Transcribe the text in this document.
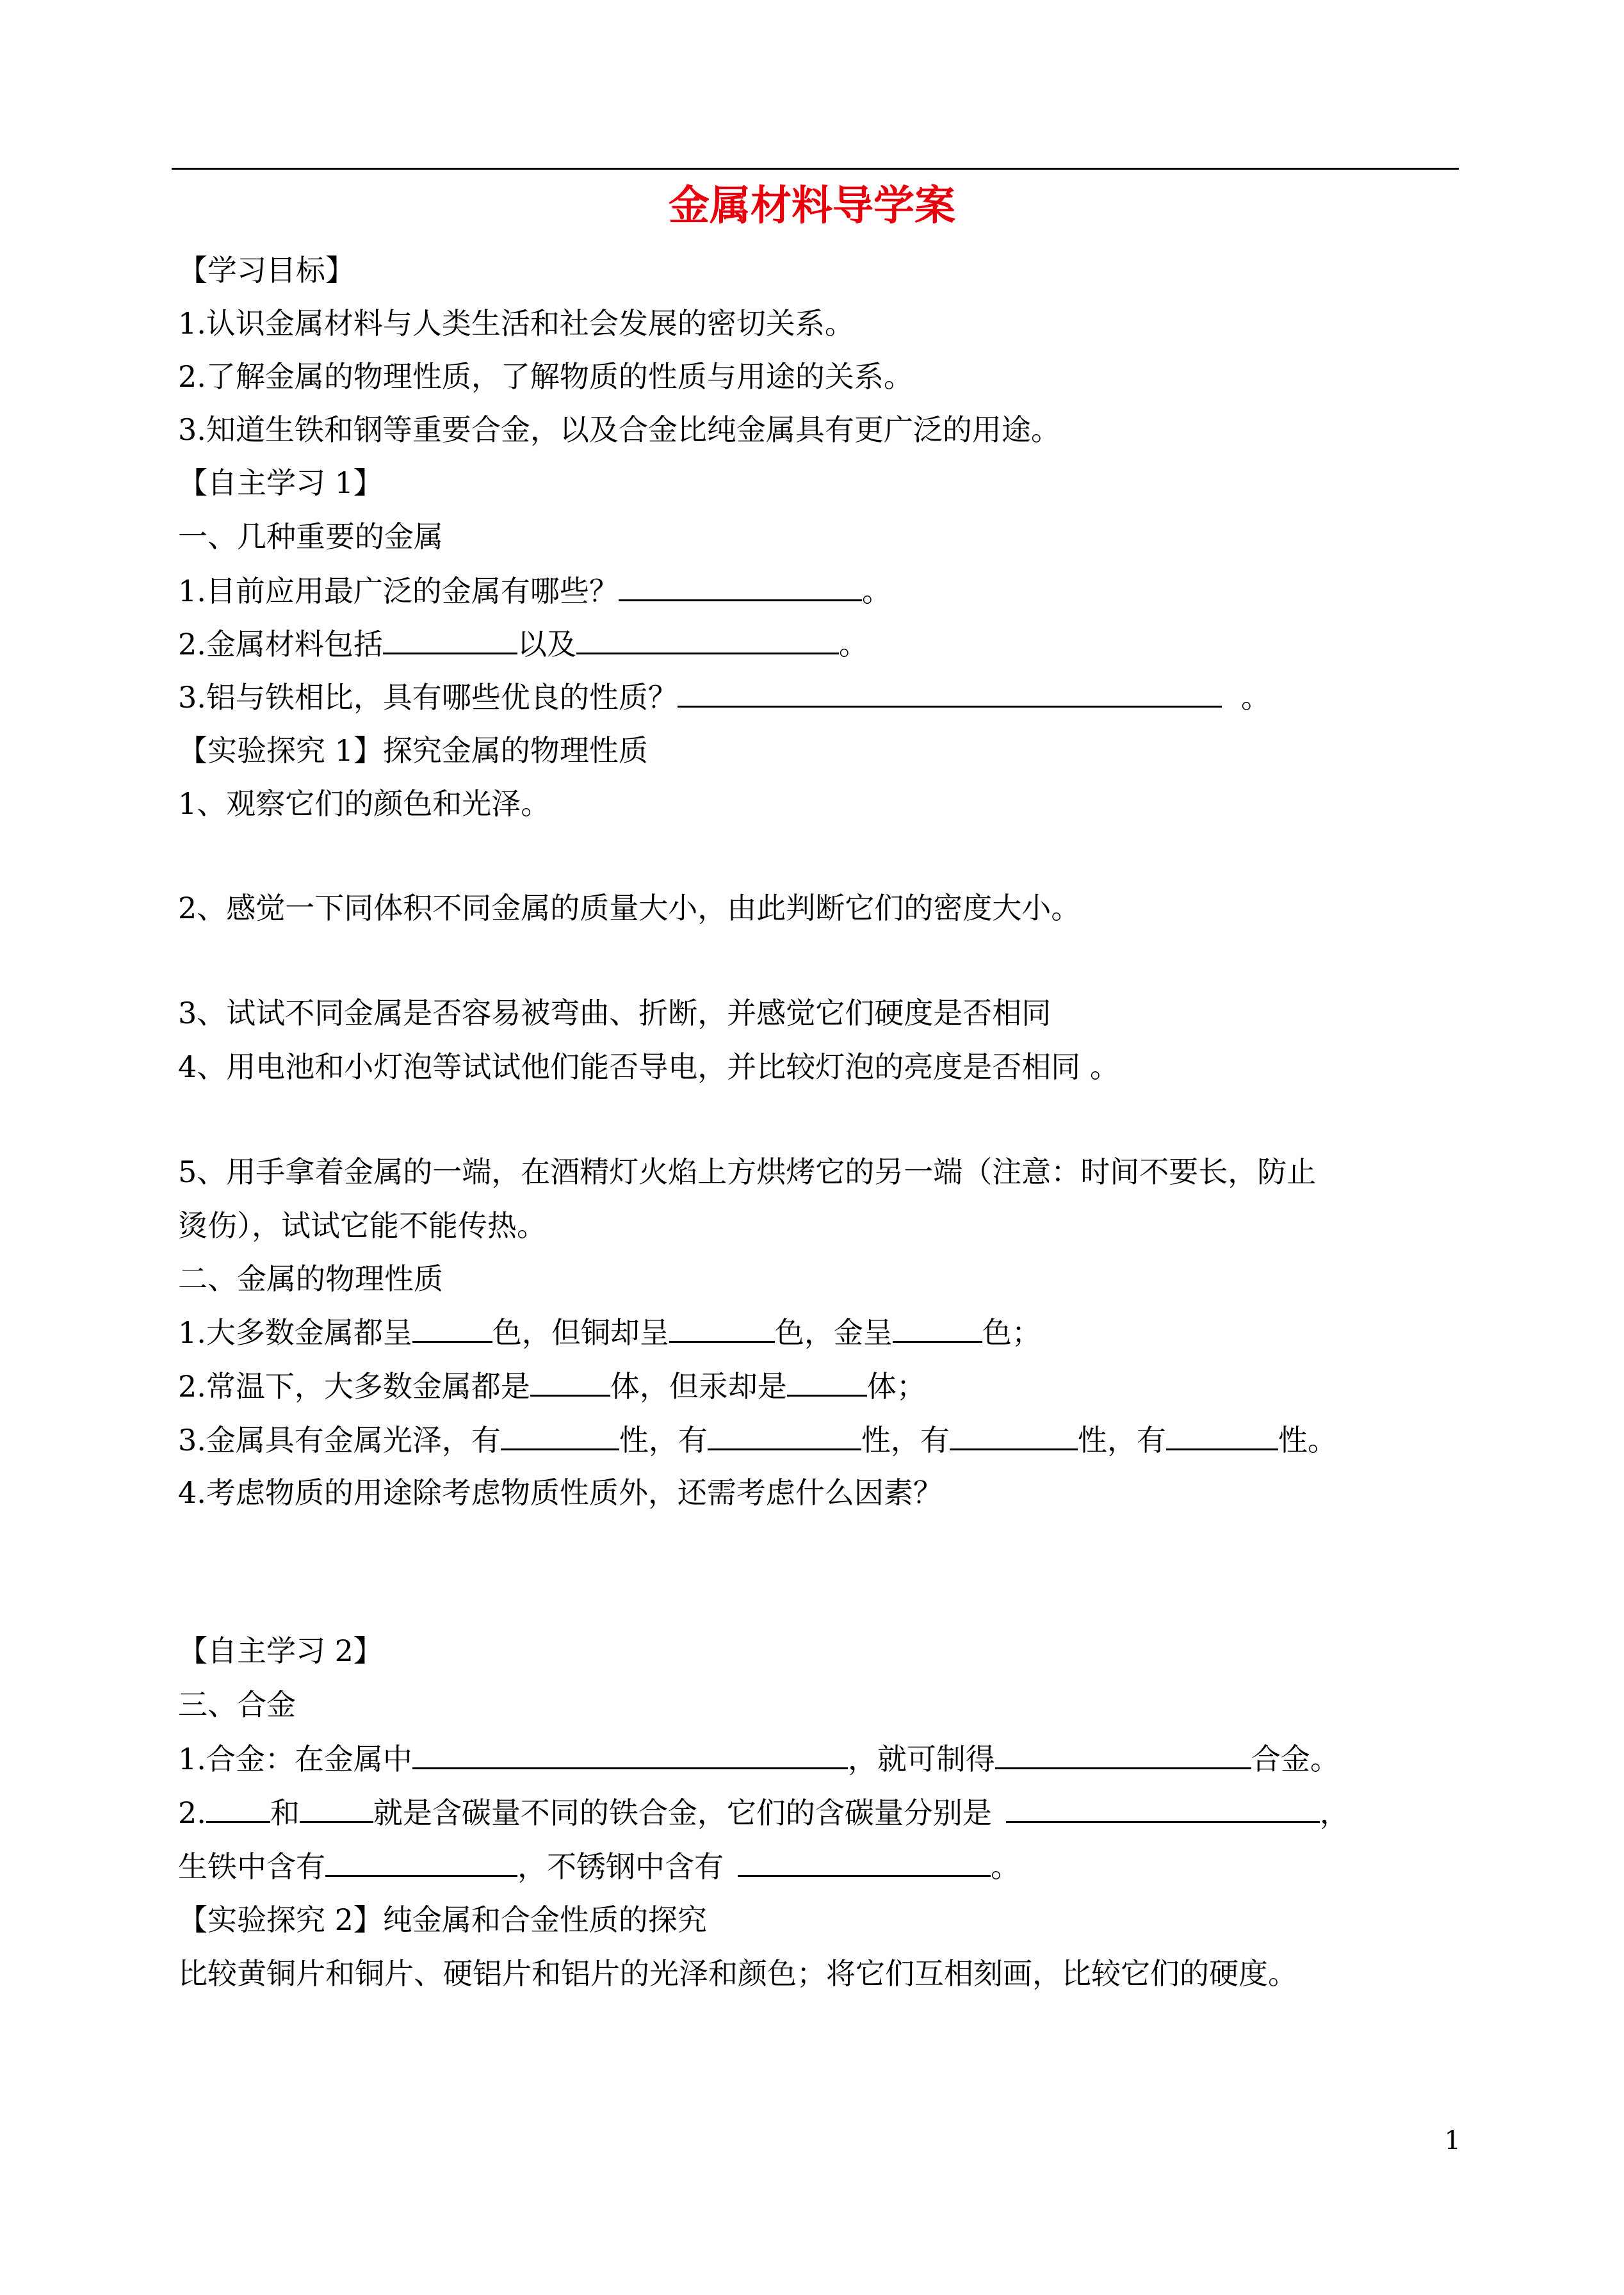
金属材料导学案
【学习目标】
1.认识金属材料与人类生活和社会发展的密切关系。
2.了解金属的物理性质，了解物质的性质与用途的关系。
3.知道生铁和钢等重要合金，以及合金比纯金属具有更广泛的用途。
【自主学习 1】
一、几种重要的金属
1.目前应用最广泛的金属有哪些？	。
2.金属材料包括	以及	。
3.铝与铁相比，具有哪些优良的性质？	。
【实验探究 1】探究金属的物理性质
1、观察它们的颜色和光泽。
2、感觉一下同体积不同金属的质量大小，由此判断它们的密度大小。
3、试试不同金属是否容易被弯曲、折断，并感觉它们硬度是否相同
4、用电池和小灯泡等试试他们能否导电，并比较灯泡的亮度是否相同 。
5、用手拿着金属的一端，在酒精灯火焰上方烘烤它的另一端（注意：时间不要长，防止
烫伤），试试它能不能传热。
二、金属的物理性质
1.大多数金属都呈	色，但铜却呈	色，金呈	色；
2.常温下，大多数金属都是	体，但汞却是	体；
3.金属具有金属光泽，有	性，有	性，有	性，有	性。
4.考虑物质的用途除考虑物质性质外，还需考虑什么因素？
【自主学习 2】
三、合金
1.合金：在金属中	，就可制得	合金。
2. 和	就是含碳量不同的铁合金，它们的含碳量分别是	，
生铁中含有	，不锈钢中含有	。
【实验探究 2】纯金属和合金性质的探究
比较黄铜片和铜片、硬铝片和铝片的光泽和颜色；将它们互相刻画，比较它们的硬度。
1
